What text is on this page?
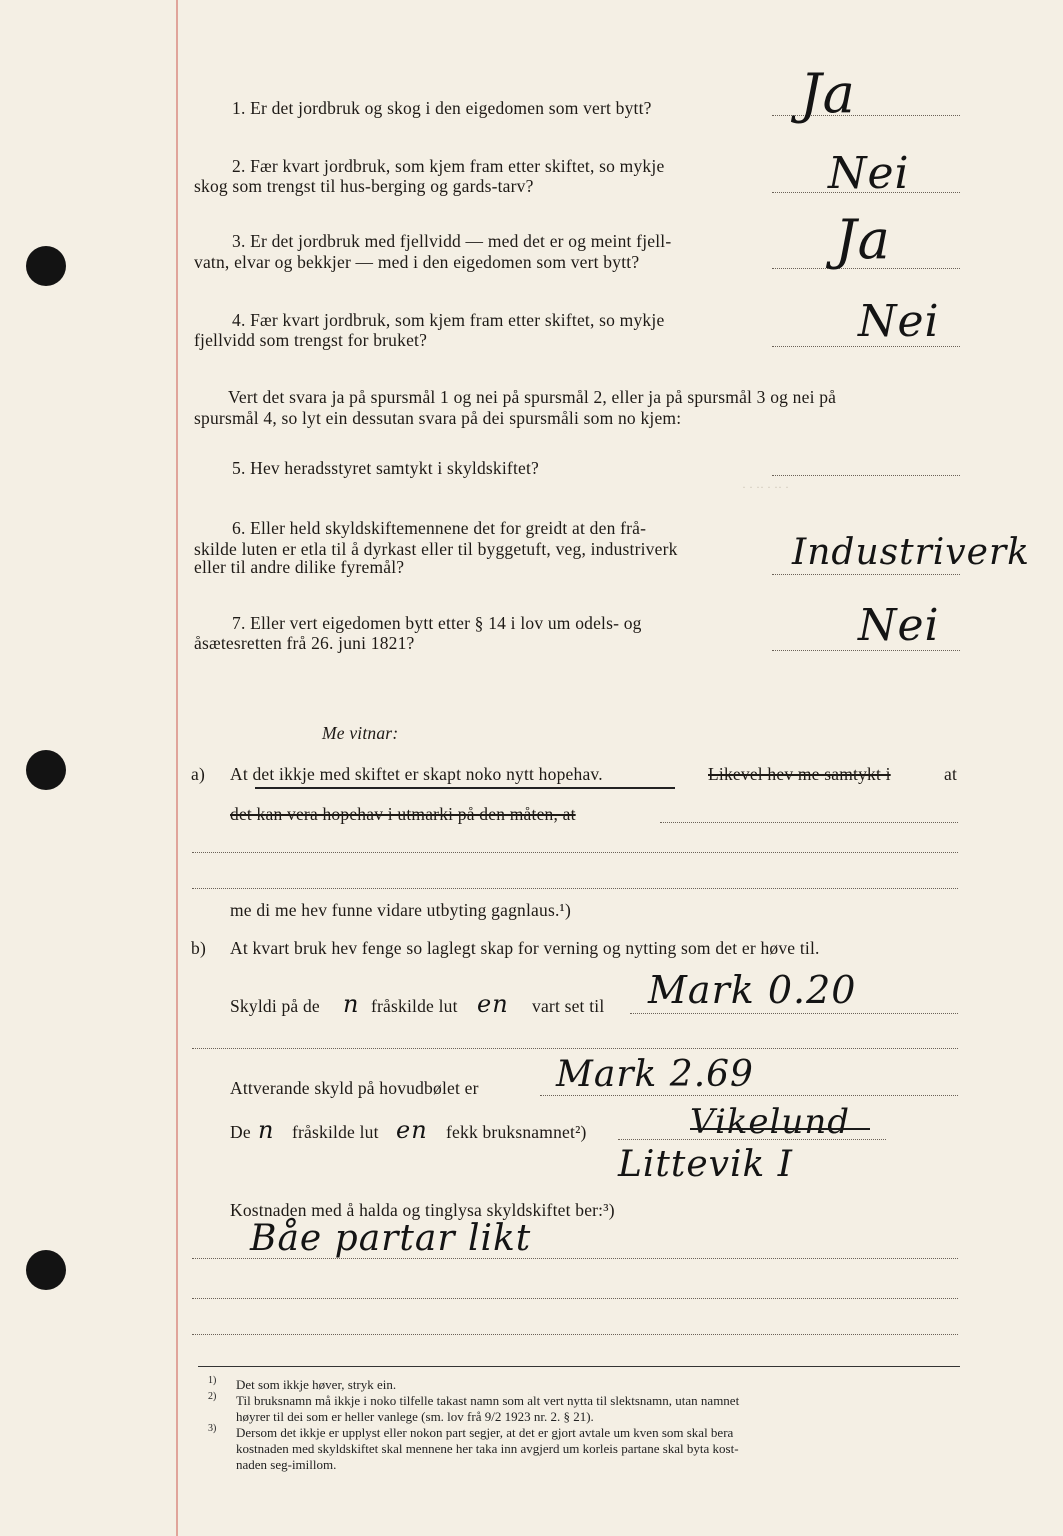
1. Er det jordbruk og skog i den eigedomen som vert bytt?	Ja
2. Fær kvart jordbruk, som kjem fram etter skiftet, so mykje
skog som trengst til hus-berging og gards-tarv?	Nei
3. Er det jordbruk med fjellvidd — med det er og meint fjell-
vatn, elvar og bekkjer — med i den eigedomen som vert bytt?	Ja
4. Fær kvart jordbruk, som kjem fram etter skiftet, so mykje
fjellvidd som trengst for bruket?	Nei
Vert det svara ja på spursmål 1 og nei på spursmål 2, eller ja på spursmål 3 og nei på
spursmål 4, so lyt ein dessutan svara på dei spursmåli som no kjem:
5. Hev heradsstyret samtykt i skyldskiftet?
· · ·· · ·· ·
6. Eller held skyldskiftemennene det for greidt at den frå-
skilde luten er etla til å dyrkast eller til byggetuft, veg, industriverk
eller til andre dilike fyremål?	Industriverk
7. Eller vert eigedomen bytt etter § 14 i lov um odels- og
åsætesretten frå 26. juni 1821?	Nei
Me vitnar:
a) At det ikkje med skiftet er skapt noko nytt hopehav.	Likevel hev me samtykt i	at
det kan vera hopehav i utmarki på den måten, at
me di me hev funne vidare utbyting gagnlaus.¹)
b) At kvart bruk hev fenge so laglegt skap for verning og nytting som det er høve til.
Skyldi på de n fråskilde lut en vart set til Mark 0.20
Attverande skyld på hovudbølet er Mark 2.69
De n fråskilde lut en fekk bruksnamnet²)	Vikelund
Littevik I
Kostnaden med å halda og tinglysa skyldskiftet ber:³)
Båe partar likt
1) Det som ikkje høver, stryk ein.
2) Til bruksnamn må ikkje i noko tilfelle takast namn som alt vert nytta til slektsnamn, utan namnet
høyrer til dei som er heller vanlege (sm. lov frå 9/2 1923 nr. 2. § 21).
3) Dersom det ikkje er upplyst eller nokon part segjer, at det er gjort avtale um kven som skal bera
kostnaden med skyldskiftet skal mennene her taka inn avgjerd um korleis partane skal byta kost-
naden seg-imillom.
